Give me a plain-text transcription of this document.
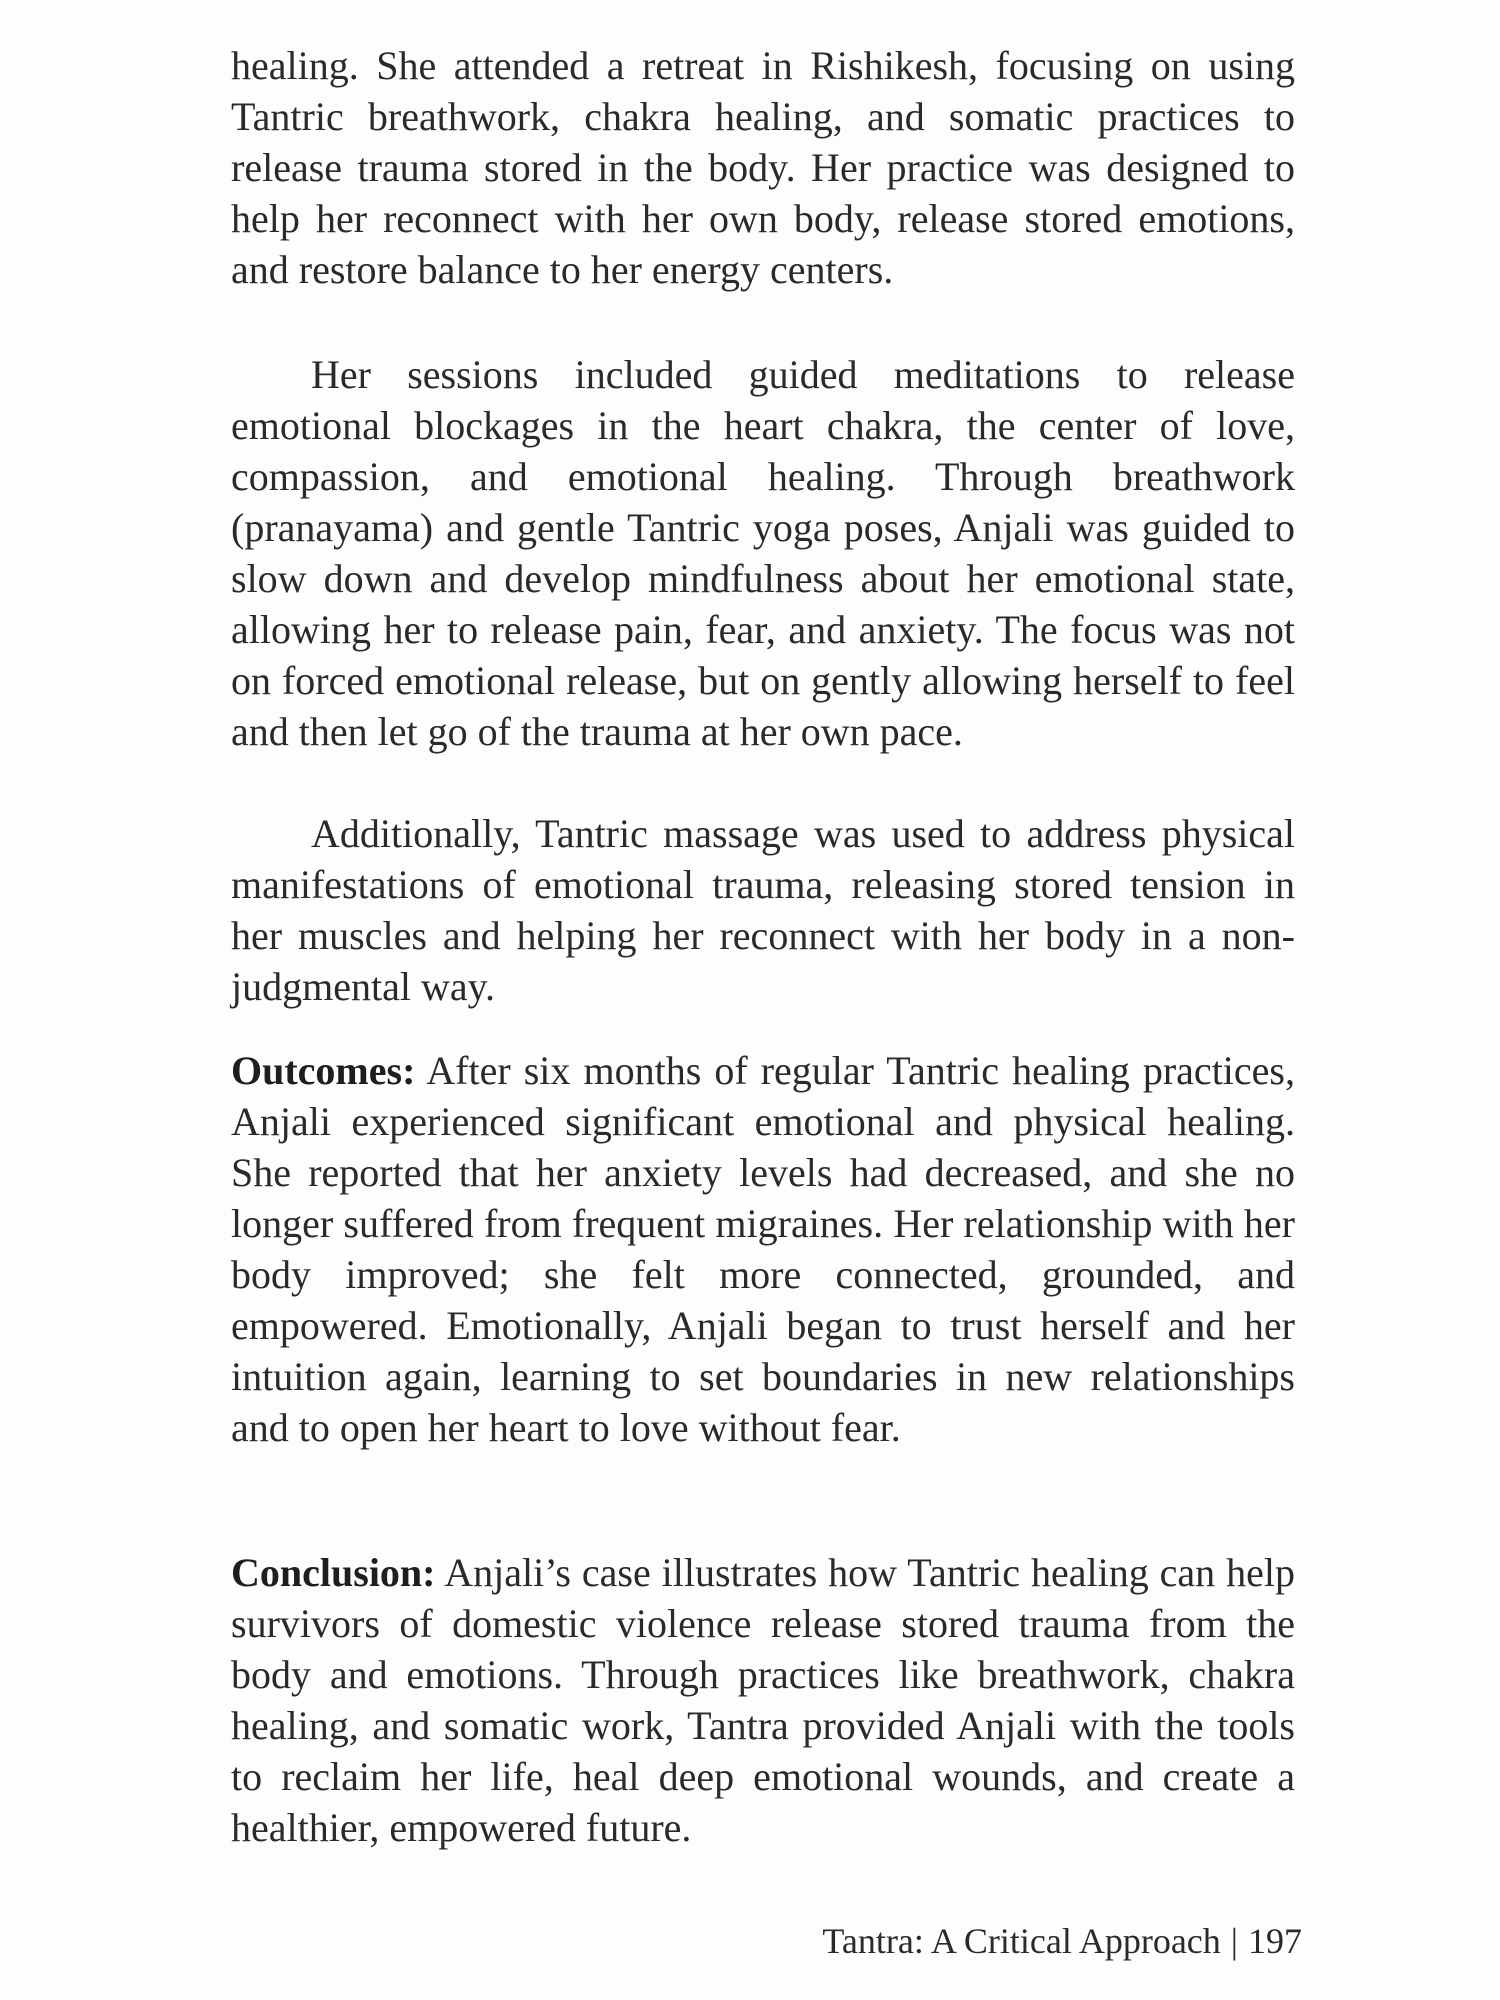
healing. She attended a retreat in Rishikesh, focusing on using Tantric breathwork, chakra healing, and somatic practices to release trauma stored in the body. Her practice was designed to help her reconnect with her own body, release stored emotions, and restore balance to her energy centers.

Her sessions included guided meditations to release emotional blockages in the heart chakra, the center of love, compassion, and emotional healing. Through breathwork (pranayama) and gentle Tantric yoga poses, Anjali was guided to slow down and develop mindfulness about her emotional state, allowing her to release pain, fear, and anxiety. The focus was not on forced emotional release, but on gently allowing herself to feel and then let go of the trauma at her own pace.

Additionally, Tantric massage was used to address physical manifestations of emotional trauma, releasing stored tension in her muscles and helping her reconnect with her body in a non-judgmental way.

Outcomes: After six months of regular Tantric healing practices, Anjali experienced significant emotional and physical healing. She reported that her anxiety levels had decreased, and she no longer suffered from frequent migraines. Her relationship with her body improved; she felt more connected, grounded, and empowered. Emotionally, Anjali began to trust herself and her intuition again, learning to set boundaries in new relationships and to open her heart to love without fear.

Conclusion: Anjali’s case illustrates how Tantric healing can help survivors of domestic violence release stored trauma from the body and emotions. Through practices like breathwork, chakra healing, and somatic work, Tantra provided Anjali with the tools to reclaim her life, heal deep emotional wounds, and create a healthier, empowered future.

Tantra: A Critical Approach | 197
